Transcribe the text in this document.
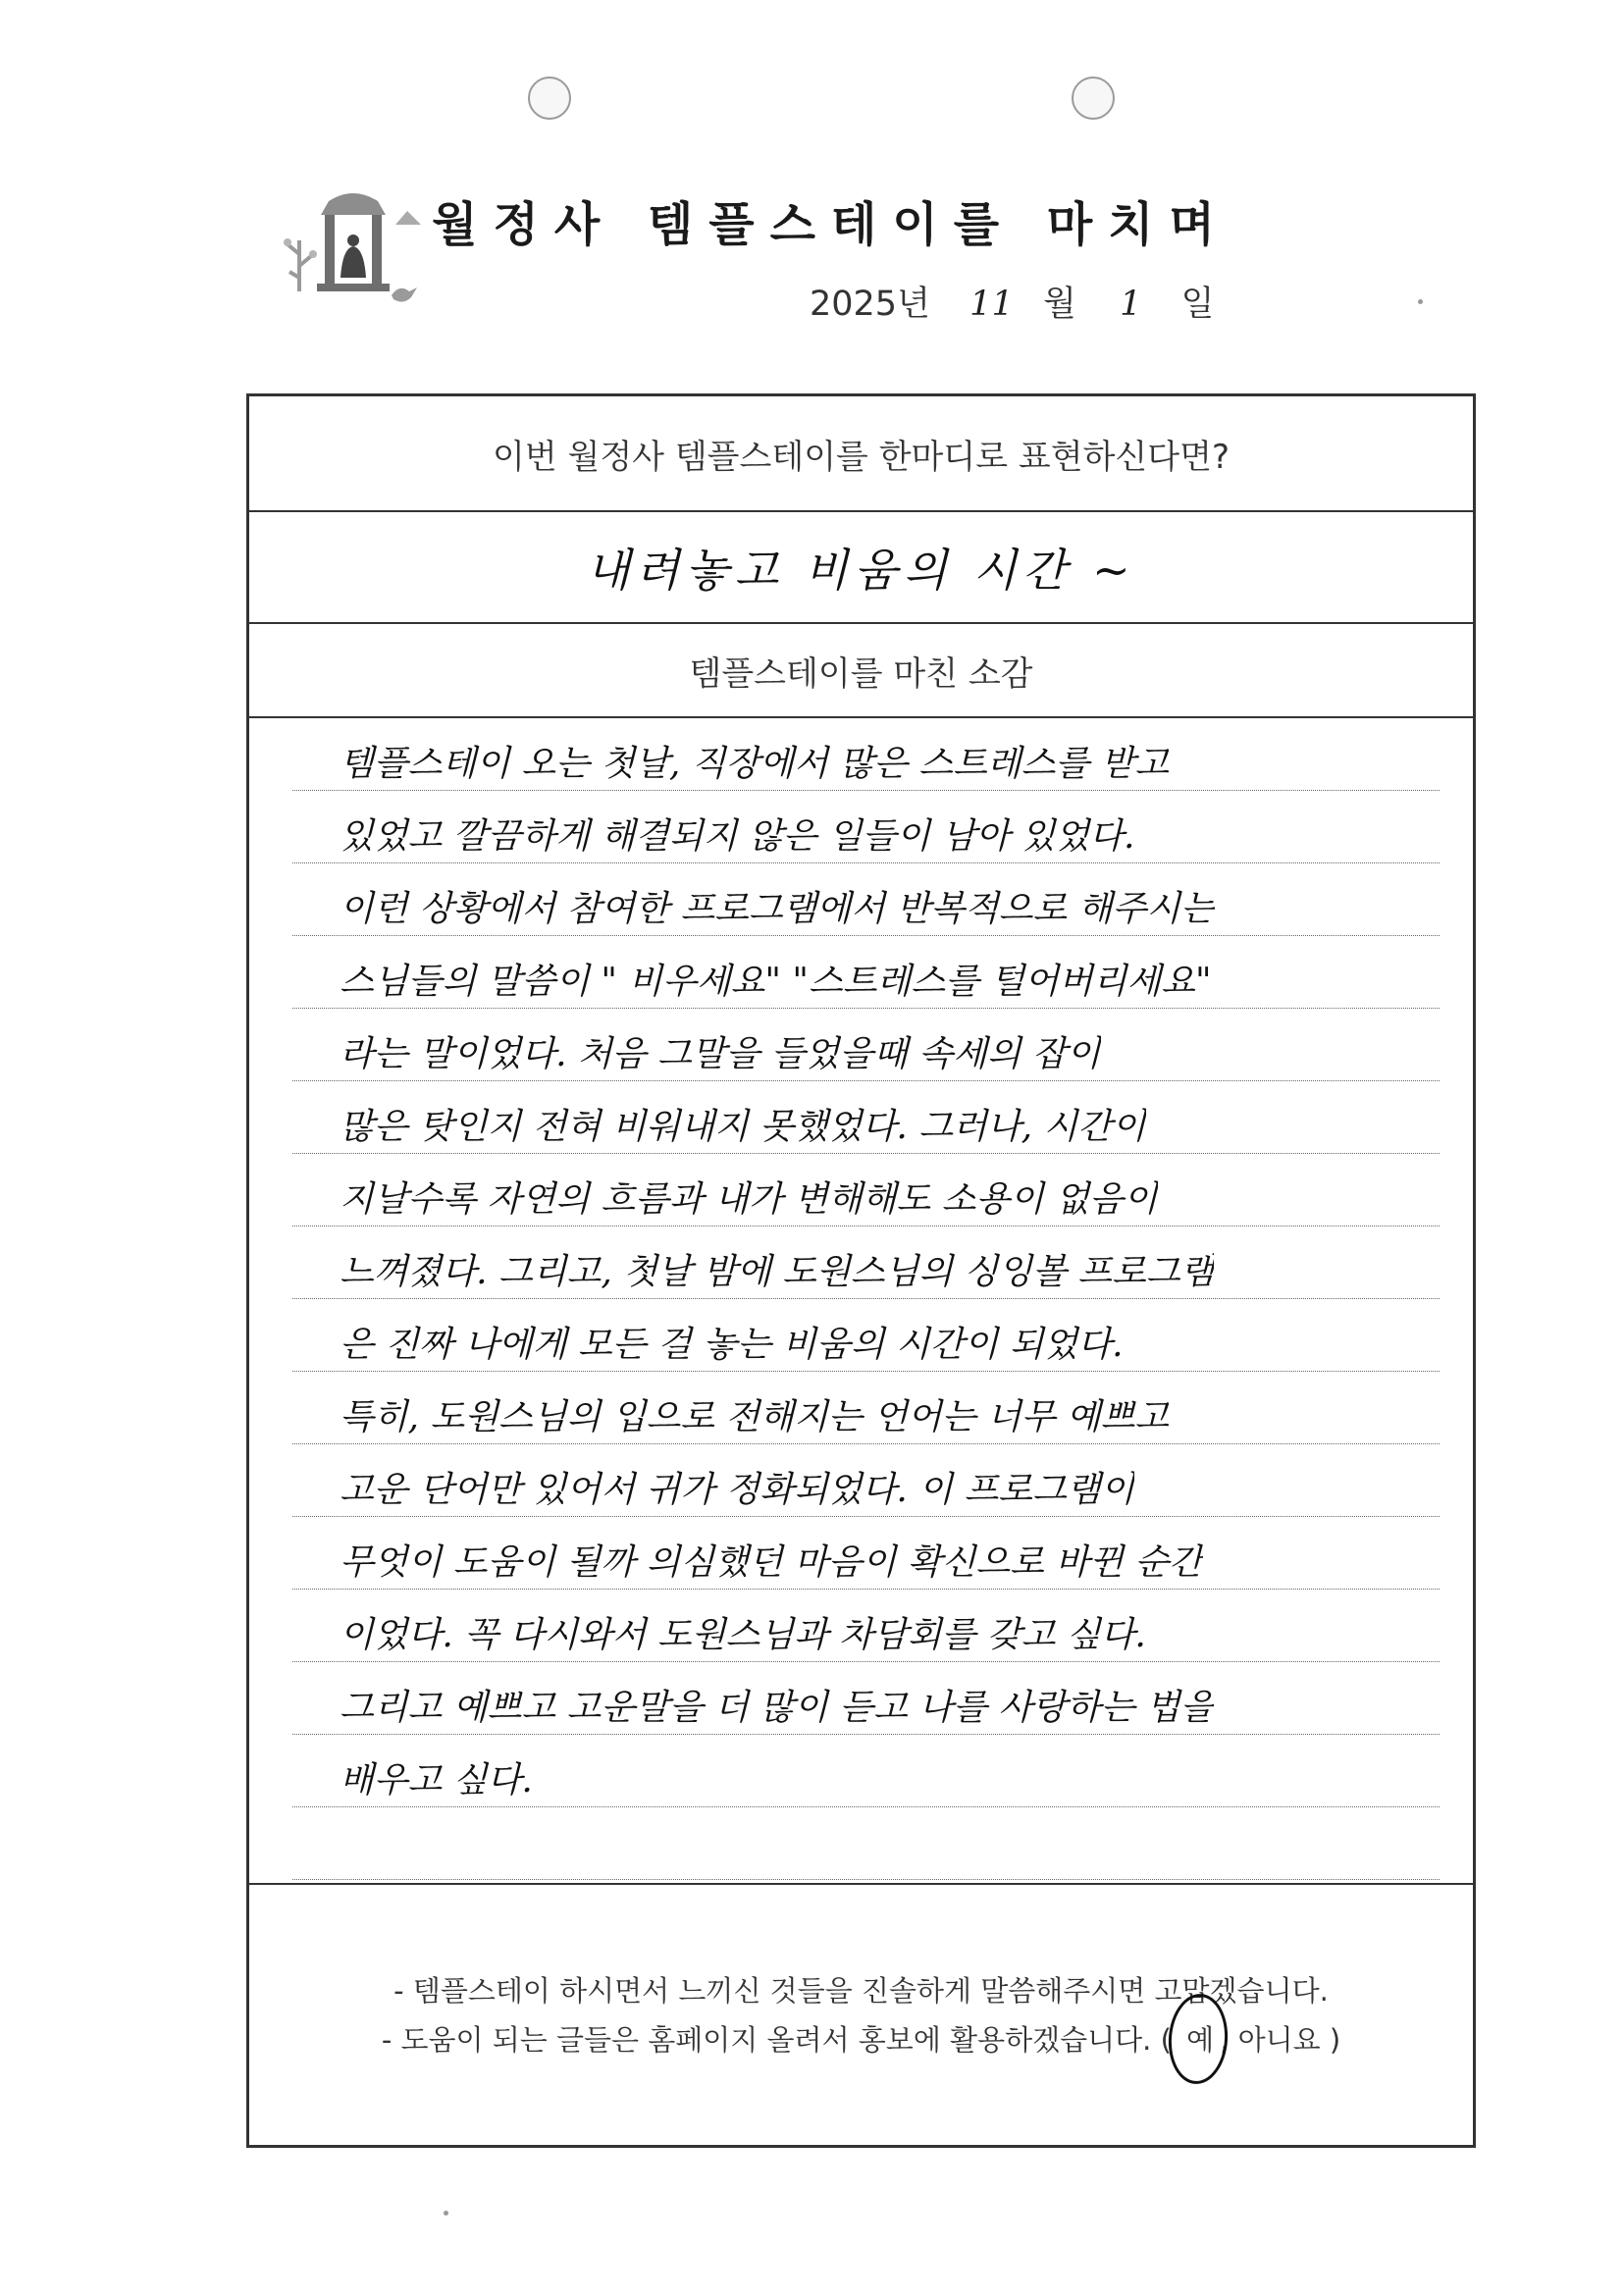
월정사 템플스테이를 마치며
2025년 11 월 1 일
이번 월정사 템플스테이를 한마디로 표현하신다면?
내려놓고 비움의 시간 ~
템플스테이를 마친 소감
템플스테이 오는 첫날, 직장에서 많은 스트레스를 받고
있었고 깔끔하게 해결되지 않은 일들이 남아 있었다.
이런 상황에서 참여한 프로그램에서 반복적으로 해주시는
스님들의 말씀이 " 비우세요" "스트레스를 털어버리세요"
라는 말이었다. 처음 그말을 들었을때 속세의 잡이
많은 탓인지 전혀 비워내지 못했었다. 그러나, 시간이
지날수록 자연의 흐름과 내가 변해해도 소용이 없음이
느껴졌다. 그리고, 첫날 밤에 도원스님의 싱잉볼 프로그램
은 진짜 나에게 모든 걸 놓는 비움의 시간이 되었다.
특히, 도원스님의 입으로 전해지는 언어는 너무 예쁘고
고운 단어만 있어서 귀가 정화되었다. 이 프로그램이
무엇이 도움이 될까 의심했던 마음이 확신으로 바뀐 순간
이었다. 꼭 다시와서 도원스님과 차담회를 갖고 싶다.
그리고 예쁘고 고운말을 더 많이 듣고 나를 사랑하는 법을
배우고 싶다.
- 템플스테이 하시면서 느끼신 것들을 진솔하게 말씀해주시면 고맙겠습니다.
- 도움이 되는 글들은 홈페이지 올려서 홍보에 활용하겠습니다. ( 예 , 아니요 )
